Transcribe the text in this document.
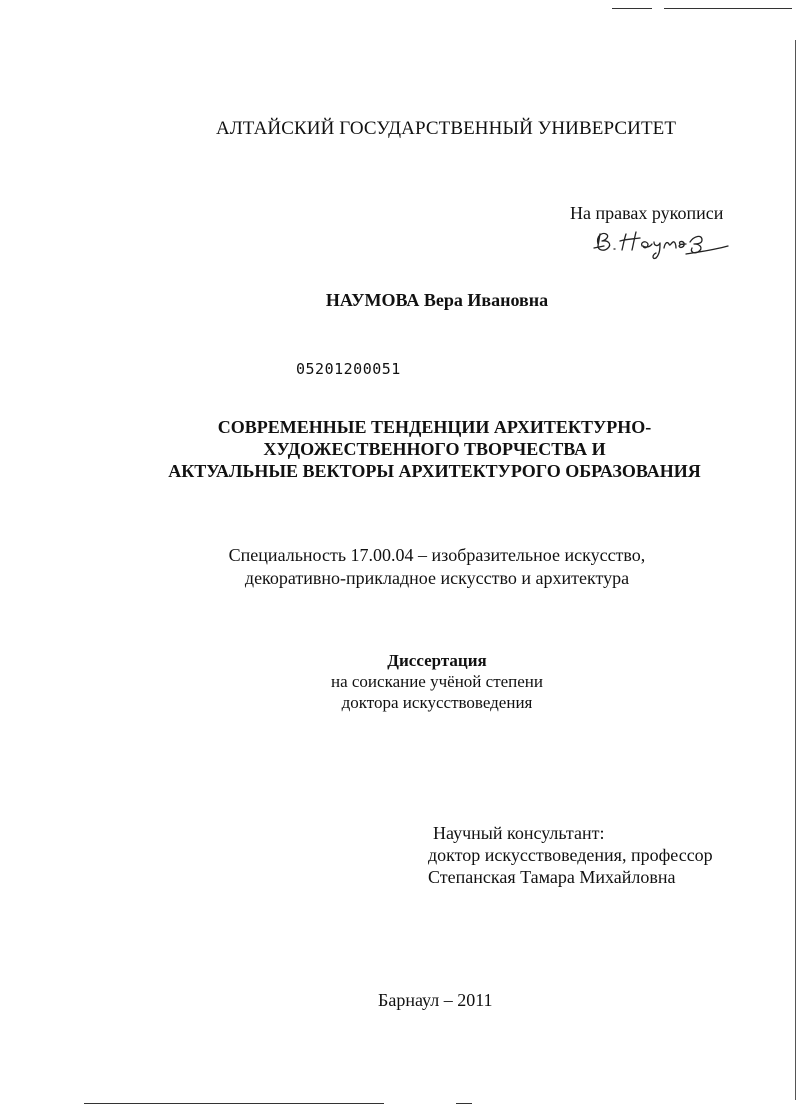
АЛТАЙСКИЙ ГОСУДАРСТВЕННЫЙ УНИВЕРСИТЕТ
На правах рукописи
НАУМОВА Вера Ивановна
05201200051
СОВРЕМЕННЫЕ ТЕНДЕНЦИИ АРХИТЕКТУРНО-
ХУДОЖЕСТВЕННОГО ТВОРЧЕСТВА И
АКТУАЛЬНЫЕ ВЕКТОРЫ АРХИТЕКТУРОГО ОБРАЗОВАНИЯ
Специальность 17.00.04 – изобразительное искусство,
декоративно-прикладное искусство и архитектура
Диссертация
на соискание учёной степени
доктора искусствоведения
Научный консультант:
доктор искусствоведения, профессор
Степанская Тамара Михайловна
Барнаул – 2011
